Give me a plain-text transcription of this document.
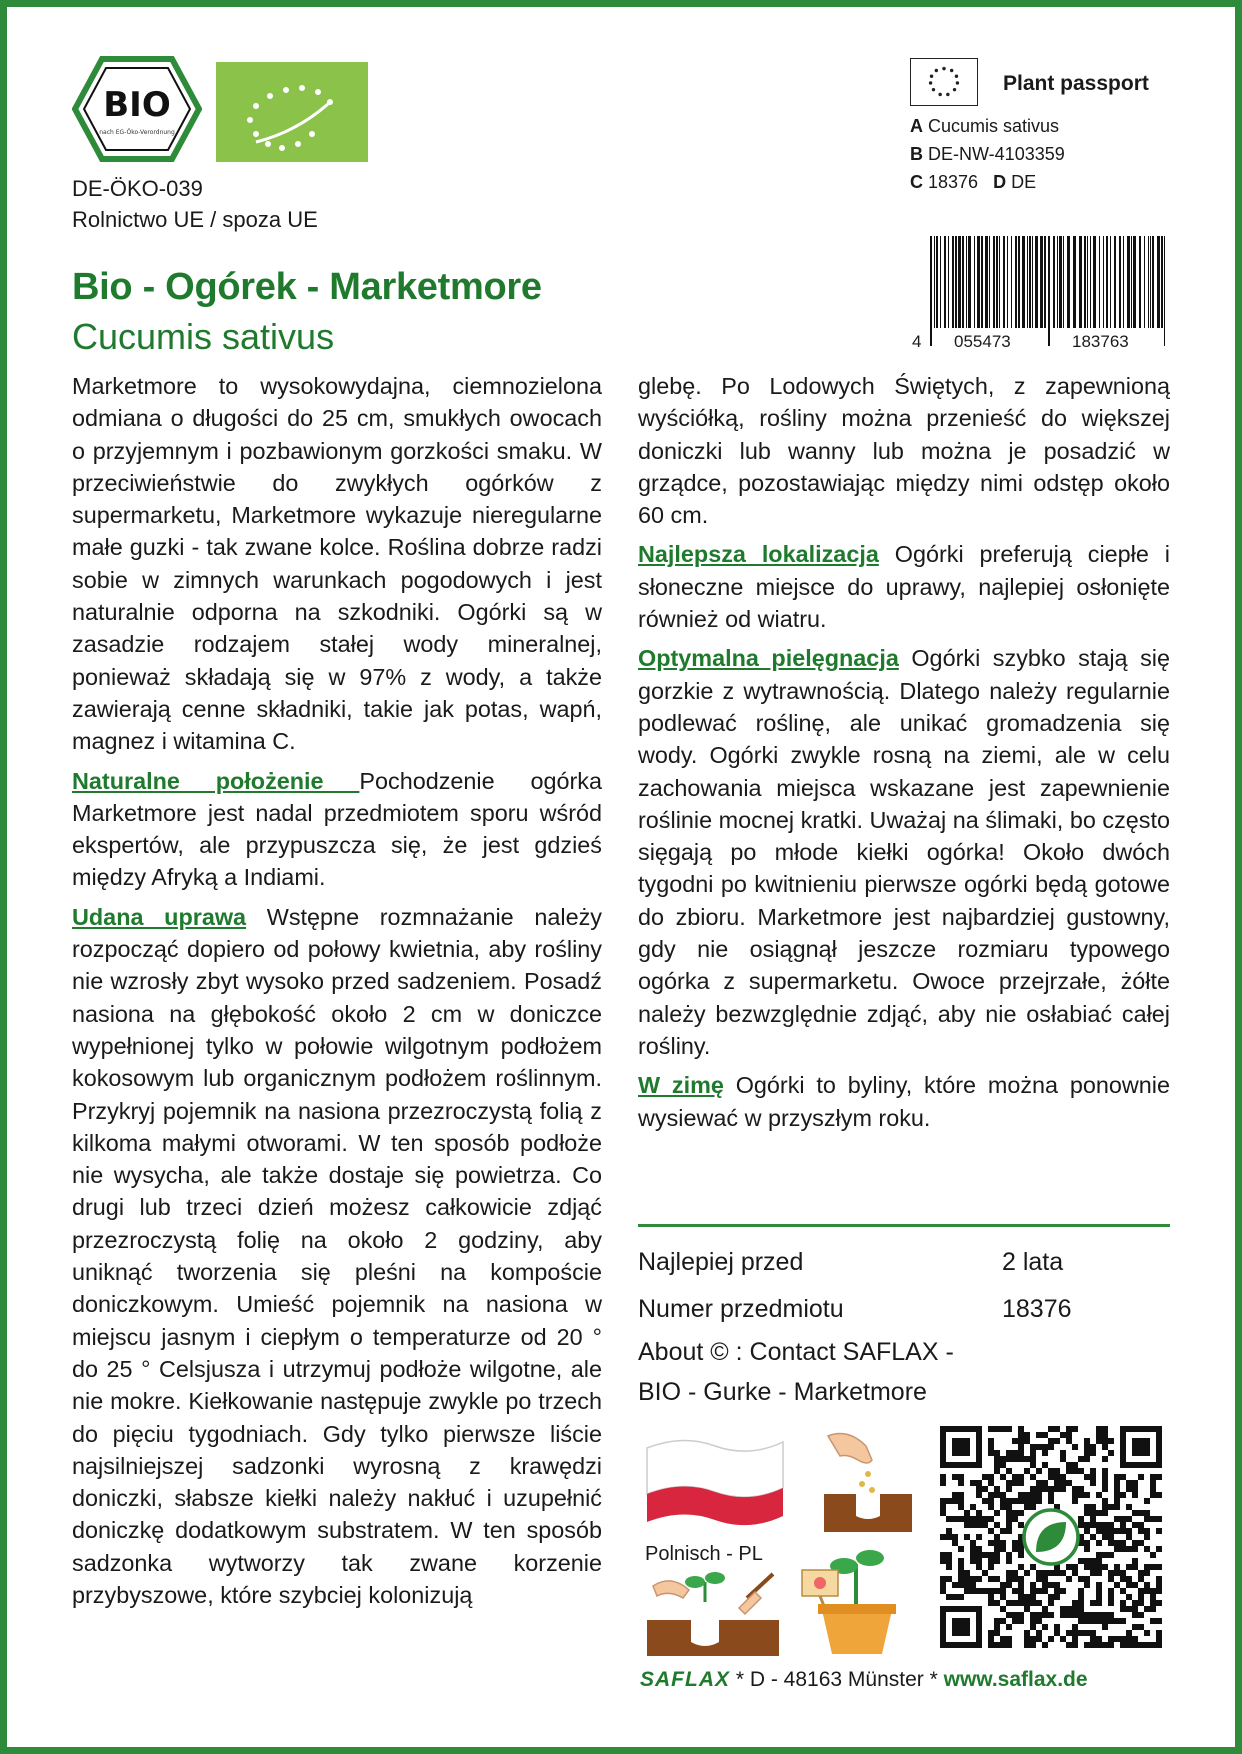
BIO
nach EG-Öko-Verordnung
DE-ÖKO-039
Rolnictwo UE / spoza UE
Bio - Ogórek - Marketmore
Cucumis sativus
Plant passport
A Cucumis sativus
B DE-NW-4103359
C 18376 D DE
4 055473	183763

Marketmore to wysokowydajna, ciemnozielona odmiana o długości do 25 cm, smukłych owocach o przyjemnym i pozbawionym gorzkości smaku. W przeciwieństwie do zwykłych ogórków z supermarketu, Marketmore wykazuje nieregularne małe guzki - tak zwane kolce. Roślina dobrze radzi sobie w zimnych warunkach pogodowych i jest naturalnie odporna na szkodniki. Ogórki są w zasadzie rodzajem stałej wody mineralnej, ponieważ składają się w 97% z wody, a także zawierają cenne składniki, takie jak potas, wapń, magnez i witamina C.

Naturalne położenie Pochodzenie ogórka Marketmore jest nadal przedmiotem sporu wśród ekspertów, ale przypuszcza się, że jest gdzieś między Afryką a Indiami.

Udana uprawa Wstępne rozmnażanie należy rozpocząć dopiero od połowy kwietnia, aby rośliny nie wzrosły zbyt wysoko przed sadzeniem. Posadź nasiona na głębokość około 2 cm w doniczce wypełnionej tylko w połowie wilgotnym podłożem kokosowym lub organicznym podłożem roślinnym. Przykryj pojemnik na nasiona przezroczystą folią z kilkoma małymi otworami. W ten sposób podłoże nie wysycha, ale także dostaje się powietrza. Co drugi lub trzeci dzień możesz całkowicie zdjąć przezroczystą folię na około 2 godziny, aby uniknąć tworzenia się pleśni na kompoście doniczkowym. Umieść pojemnik na nasiona w miejscu jasnym i ciepłym o temperaturze od 20 ° do 25 ° Celsjusza i utrzymuj podłoże wilgotne, ale nie mokre. Kiełkowanie następuje zwykle po trzech do pięciu tygodniach. Gdy tylko pierwsze liście najsilniejszej sadzonki wyrosną z krawędzi doniczki, słabsze kiełki należy nakłuć i uzupełnić doniczkę dodatkowym substratem. W ten sposób sadzonka wytworzy tak zwane korzenie przybyszowe, które szybciej kolonizują

glebę. Po Lodowych Świętych, z zapewnioną wyściółką, rośliny można przenieść do większej doniczki lub wanny lub można je posadzić w grządce, pozostawiając między nimi odstęp około 60 cm.

Najlepsza lokalizacja Ogórki preferują ciepłe i słoneczne miejsce do uprawy, najlepiej osłonięte również od wiatru.

Optymalna pielęgnacja Ogórki szybko stają się gorzkie z wytrawnością. Dlatego należy regularnie podlewać roślinę, ale unikać gromadzenia się wody. Ogórki zwykle rosną na ziemi, ale w celu zachowania miejsca wskazane jest zapewnienie roślinie mocnej kratki. Uważaj na ślimaki, bo często sięgają po młode kiełki ogórka! Około dwóch tygodni po kwitnieniu pierwsze ogórki będą gotowe do zbioru. Marketmore jest najbardziej gustowny, gdy nie osiągnął jeszcze rozmiaru typowego ogórka z supermarketu. Owoce przejrzałe, żółte należy bezwzględnie zdjąć, aby nie osłabiać całej rośliny.

W zimę Ogórki to byliny, które można ponownie wysiewać w przyszłym roku.

Najlepiej przed	2 lata
Numer przedmiotu	18376
About © : Contact SAFLAX -
BIO - Gurke - Marketmore
Polnisch - PL
SAFLAX * D - 48163 Münster * www.saflax.de
